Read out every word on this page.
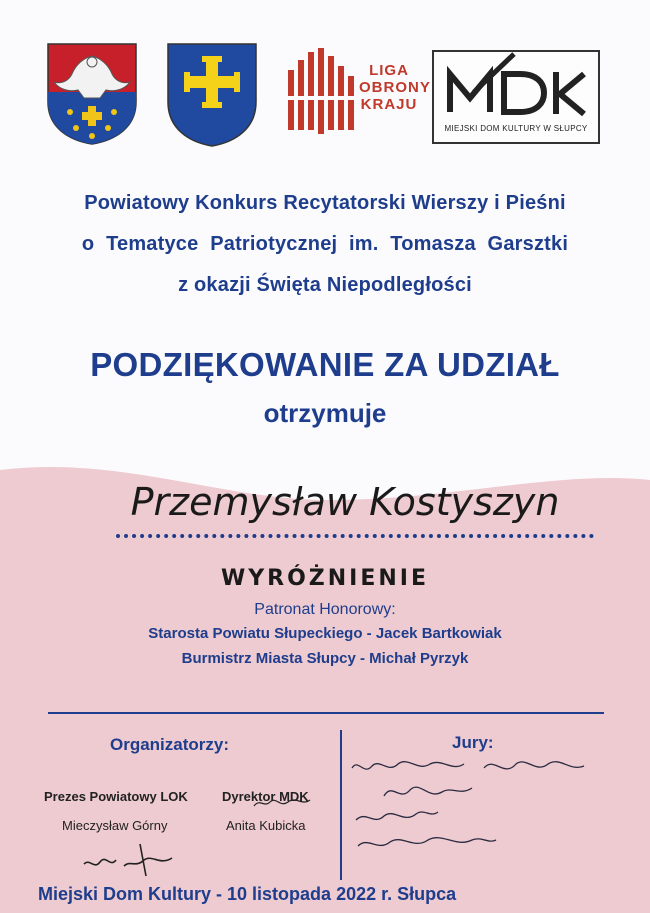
LIGA
OBRONY
KRAJU
MIEJSKI DOM KULTURY W SŁUPCY
Powiatowy Konkurs Recytatorski Wierszy i Pieśni
o Tematyce Patriotycznej im. Tomasza Garsztki
z okazji Święta Niepodległości
PODZIĘKOWANIE ZA UDZIAŁ
otrzymuje
Przemysław Kostyszyn
WYRÓŻNIENIE
Patronat Honorowy:
Starosta Powiatu Słupeckiego - Jacek Bartkowiak
Burmistrz Miasta Słupcy - Michał Pyrzyk
Organizatorzy:
Prezes Powiatowy LOK
Mieczysław Górny
Dyrektor MDK
Anita Kubicka
Jury:
Miejski Dom Kultury - 10 listopada 2022 r. Słupca
